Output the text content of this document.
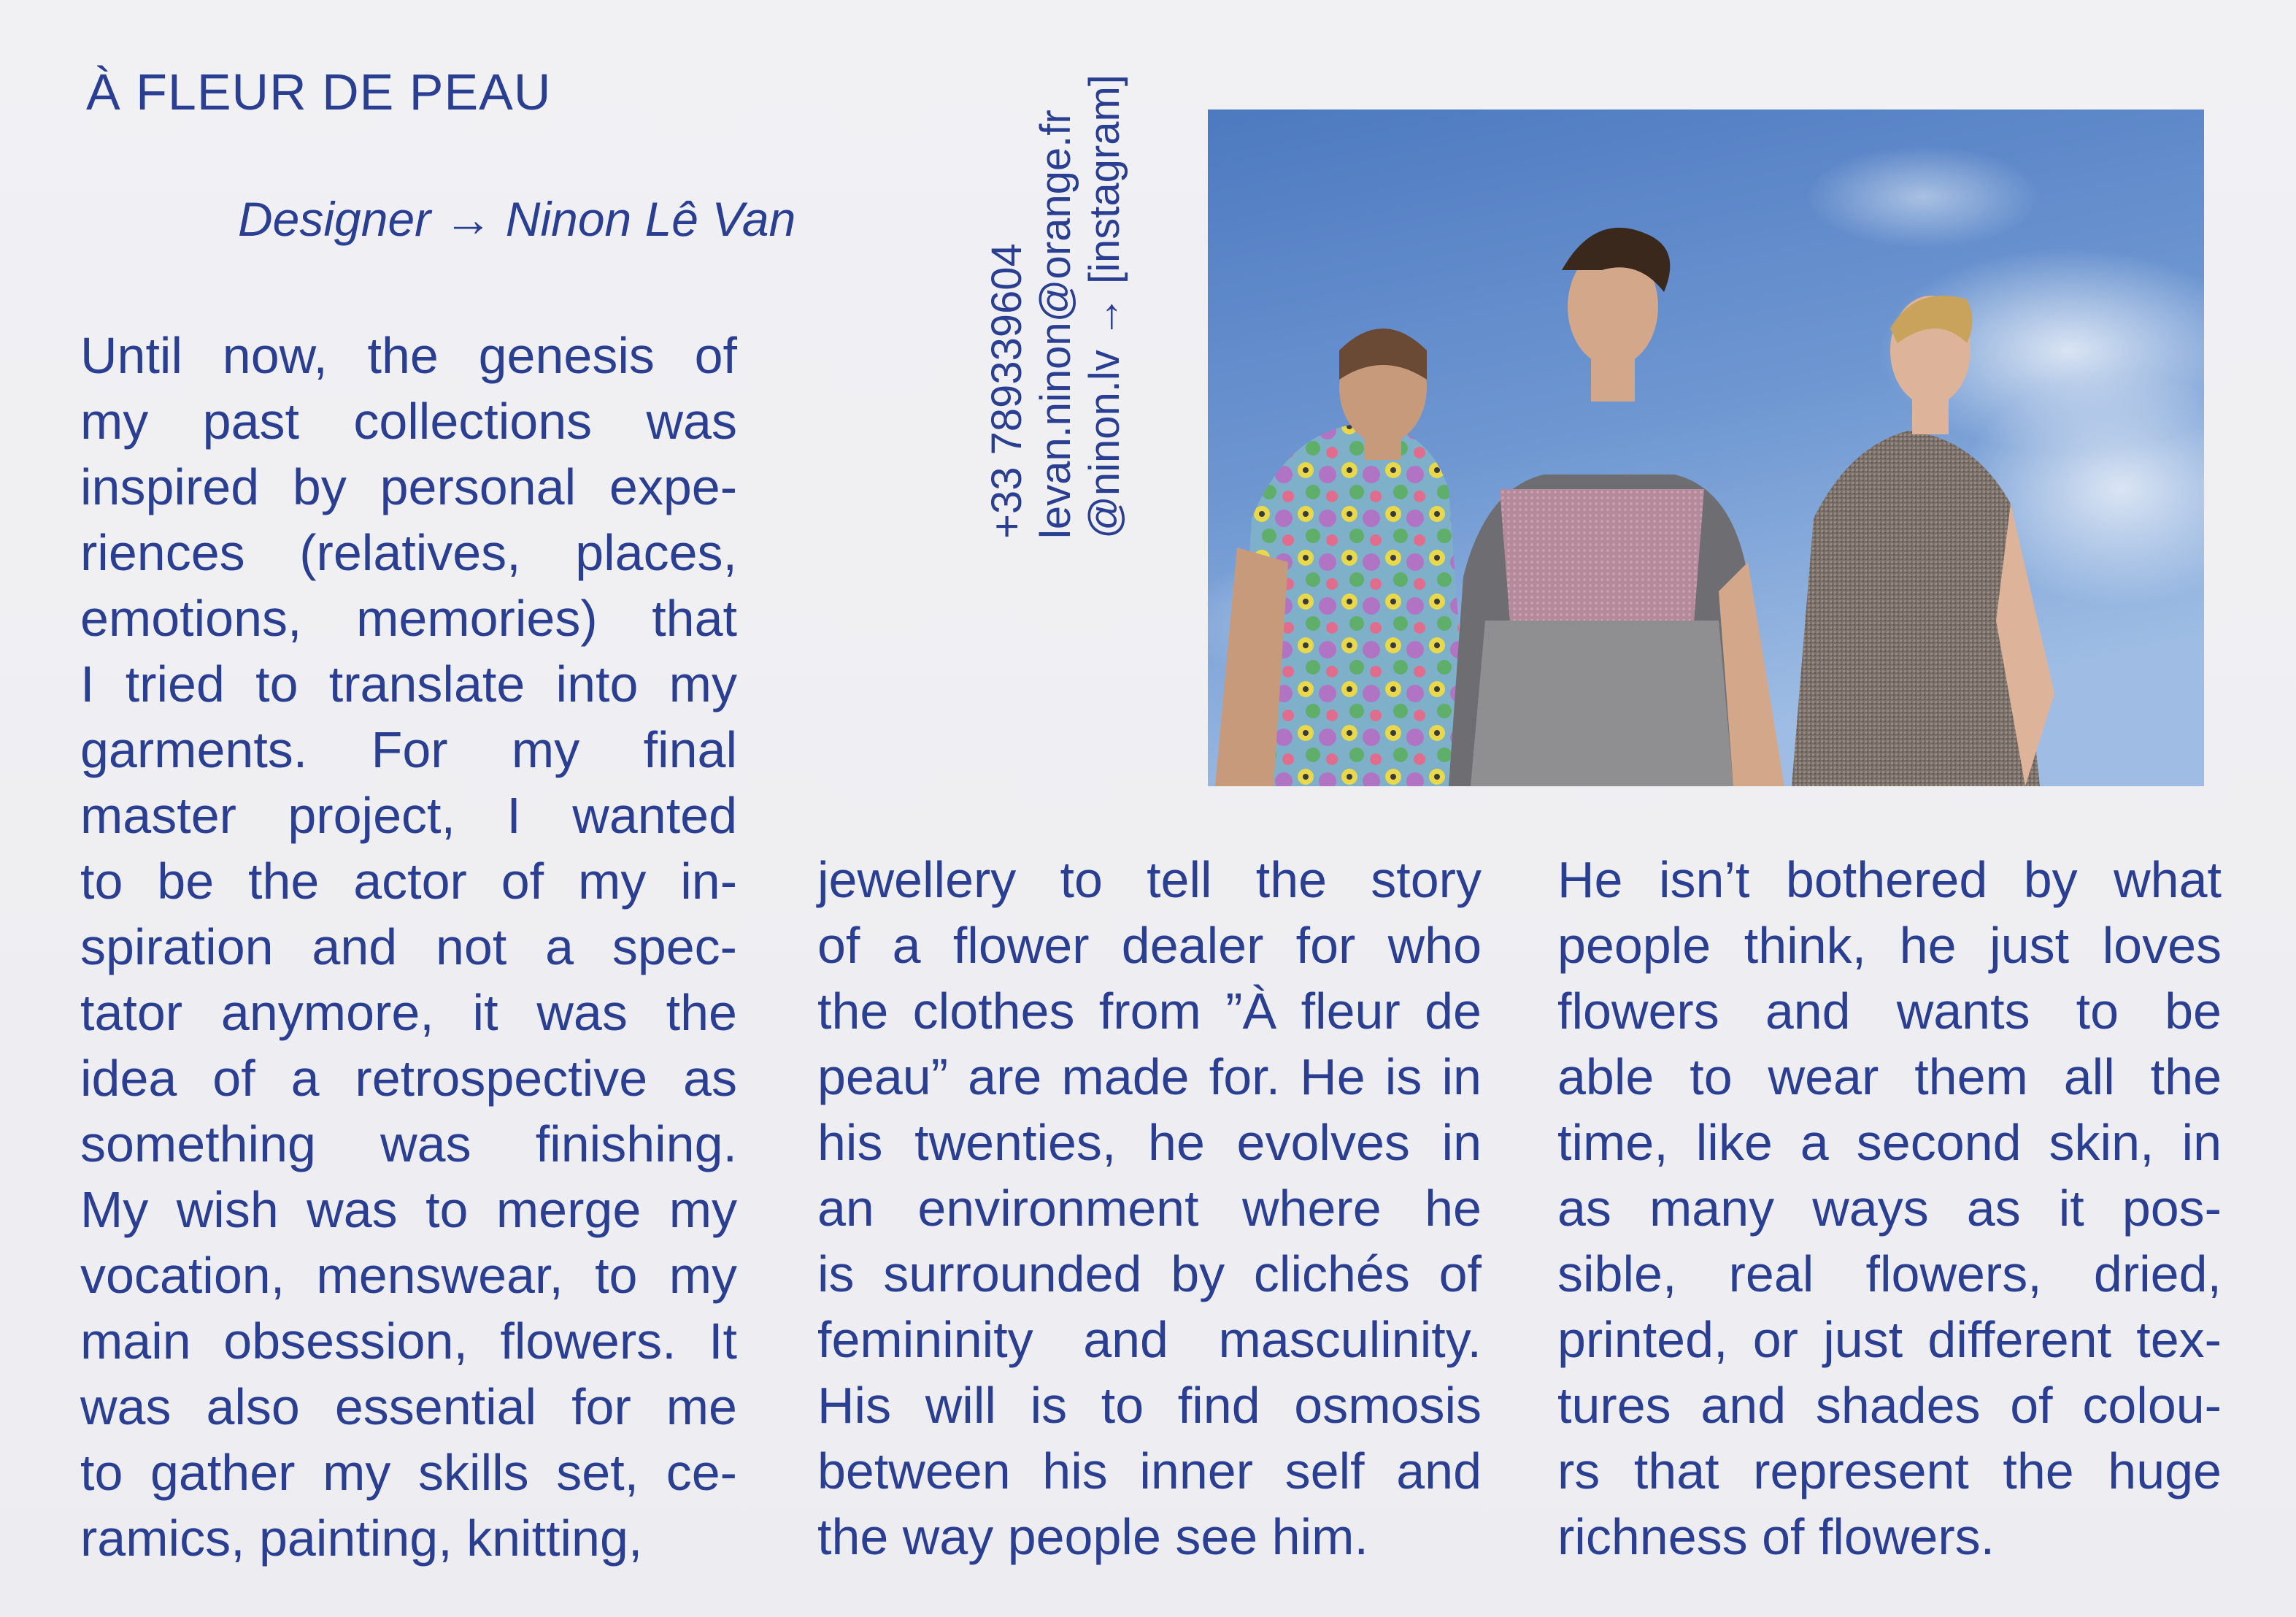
À FLEUR DE PEAU
Designer → Ninon Lê Van
+33 789339604 levan.ninon@orange.fr @ninon.lv → [instagram]
Until now, the genesis of
my past collections was
inspired by personal expe-
riences (relatives, places,
emotions, memories) that
I tried to translate into my
garments. For my final
master project, I wanted
to be the actor of my in-
spiration and not a spec-
tator anymore, it was the
idea of a retrospective as
something was finishing.
My wish was to merge my
vocation, menswear, to my
main obsession, flowers. It
was also essential for me
to gather my skills set, ce-
ramics, painting, knitting,
jewellery to tell the story
of a flower dealer for who
the clothes from ”À fleur de
peau” are made for. He is in
his twenties, he evolves in
an environment where he
is surrounded by clichés of
femininity and masculinity.
His will is to find osmosis
between his inner self and
the way people see him.
He isn’t bothered by what
people think, he just loves
flowers and wants to be
able to wear them all the
time, like a second skin, in
as many ways as it pos-
sible, real flowers, dried,
printed, or just different tex-
tures and shades of colou-
rs that represent the huge
richness of flowers.
